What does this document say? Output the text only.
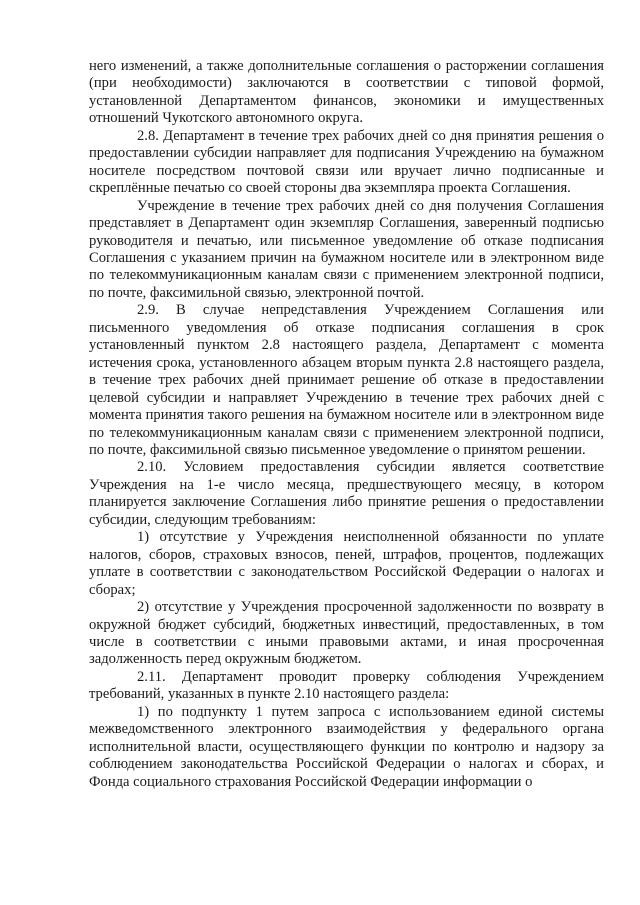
него изменений, а также дополнительные соглашения о расторжении соглашения (при необходимости) заключаются в соответствии с типовой формой, установленной Департаментом финансов, экономики и имущественных отношений Чукотского автономного округа.

2.8. Департамент в течение трех рабочих дней со дня принятия решения о предоставлении субсидии направляет для подписания Учреждению на бумажном носителе посредством почтовой связи или вручает лично подписанные и скреплённые печатью со своей стороны два экземпляра проекта Соглашения.

Учреждение в течение трех рабочих дней со дня получения Соглашения представляет в Департамент один экземпляр Соглашения, заверенный подписью руководителя и печатью, или письменное уведомление об отказе подписания Соглашения с указанием причин на бумажном носителе или в электронном виде по телекоммуникационным каналам связи с применением электронной подписи, по почте, факсимильной связью, электронной почтой.

2.9. В случае непредставления Учреждением Соглашения или письменного уведомления об отказе подписания соглашения в срок установленный пунктом 2.8 настоящего раздела, Департамент с момента истечения срока, установленного абзацем вторым пункта 2.8 настоящего раздела, в течение трех рабочих дней принимает решение об отказе в предоставлении целевой субсидии и направляет Учреждению в течение трех рабочих дней с момента принятия такого решения на бумажном носителе или в электронном виде по телекоммуникационным каналам связи с применением электронной подписи, по почте, факсимильной связью письменное уведомление о принятом решении.

2.10. Условием предоставления субсидии является соответствие Учреждения на 1-е число месяца, предшествующего месяцу, в котором планируется заключение Соглашения либо принятие решения о предоставлении субсидии, следующим требованиям:

1) отсутствие у Учреждения неисполненной обязанности по уплате налогов, сборов, страховых взносов, пеней, штрафов, процентов, подлежащих уплате в соответствии с законодательством Российской Федерации о налогах и сборах;

2) отсутствие у Учреждения просроченной задолженности по возврату в окружной бюджет субсидий, бюджетных инвестиций, предоставленных, в том числе в соответствии с иными правовыми актами, и иная просроченная задолженность перед окружным бюджетом.

2.11. Департамент проводит проверку соблюдения Учреждением требований, указанных в пункте 2.10 настоящего раздела:

1) по подпункту 1 путем запроса с использованием единой системы межведомственного электронного взаимодействия у федерального органа исполнительной власти, осуществляющего функции по контролю и надзору за соблюдением законодательства Российской Федерации о налогах и сборах, и Фонда социального страхования Российской Федерации информации о
